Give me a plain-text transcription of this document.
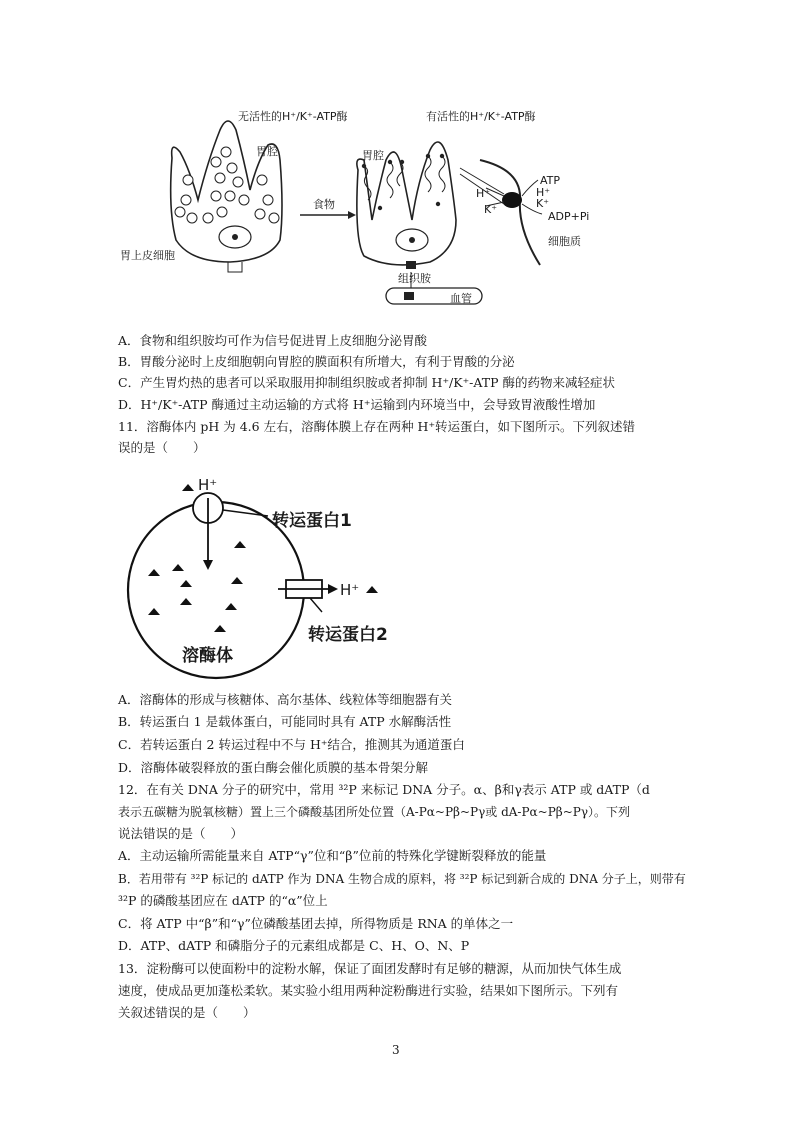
无活性的H⁺/K⁺-ATP酶	有活性的H⁺/K⁺-ATP酶
胃腔	胃腔
食物
胃上皮细胞
组织胺
血管
H⁺
K⁺
ATP
H⁺
K⁺
ADP+Pi
细胞质
A．食物和组织胺均可作为信号促进胃上皮细胞分泌胃酸
B．胃酸分泌时上皮细胞朝向胃腔的膜面积有所增大，有利于胃酸的分泌
C．产生胃灼热的患者可以采取服用抑制组织胺或者抑制 H⁺/K⁺-ATP 酶的药物来减轻症状
D．H⁺/K⁺-ATP 酶通过主动运输的方式将 H⁺运输到内环境当中，会导致胃液酸性增加
11．溶酶体内 pH 为 4.6 左右，溶酶体膜上存在两种 H⁺转运蛋白，如下图所示。下列叙述错
误的是（　　）
H⁺
转运蛋白1
H⁺
转运蛋白2
溶酶体
A．溶酶体的形成与核糖体、高尔基体、线粒体等细胞器有关
B．转运蛋白 1 是载体蛋白，可能同时具有 ATP 水解酶活性
C．若转运蛋白 2 转运过程中不与 H⁺结合，推测其为通道蛋白
D．溶酶体破裂释放的蛋白酶会催化质膜的基本骨架分解
12．在有关 DNA 分子的研究中，常用 ³²P 来标记 DNA 分子。α、β和γ表示 ATP 或 dATP（d
表示五碳糖为脱氧核糖）置上三个磷酸基团所处位置（A-Pα~Pβ~Pγ或 dA-Pα~Pβ~Pγ）。下列
说法错误的是（　　）
A．主动运输所需能量来自 ATP“γ”位和“β”位前的特殊化学键断裂释放的能量
B．若用带有 ³²P 标记的 dATP 作为 DNA 生物合成的原料，将 ³²P 标记到新合成的 DNA 分子上，则带有
³²P 的磷酸基团应在 dATP 的“α”位上
C．将 ATP 中“β”和“γ”位磷酸基团去掉，所得物质是 RNA 的单体之一
D．ATP、dATP 和磷脂分子的元素组成都是 C、H、O、N、P
13．淀粉酶可以使面粉中的淀粉水解，保证了面团发酵时有足够的糖源，从而加快气体生成
速度，使成品更加蓬松柔软。某实验小组用两种淀粉酶进行实验，结果如下图所示。下列有
关叙述错误的是（　　）
3
